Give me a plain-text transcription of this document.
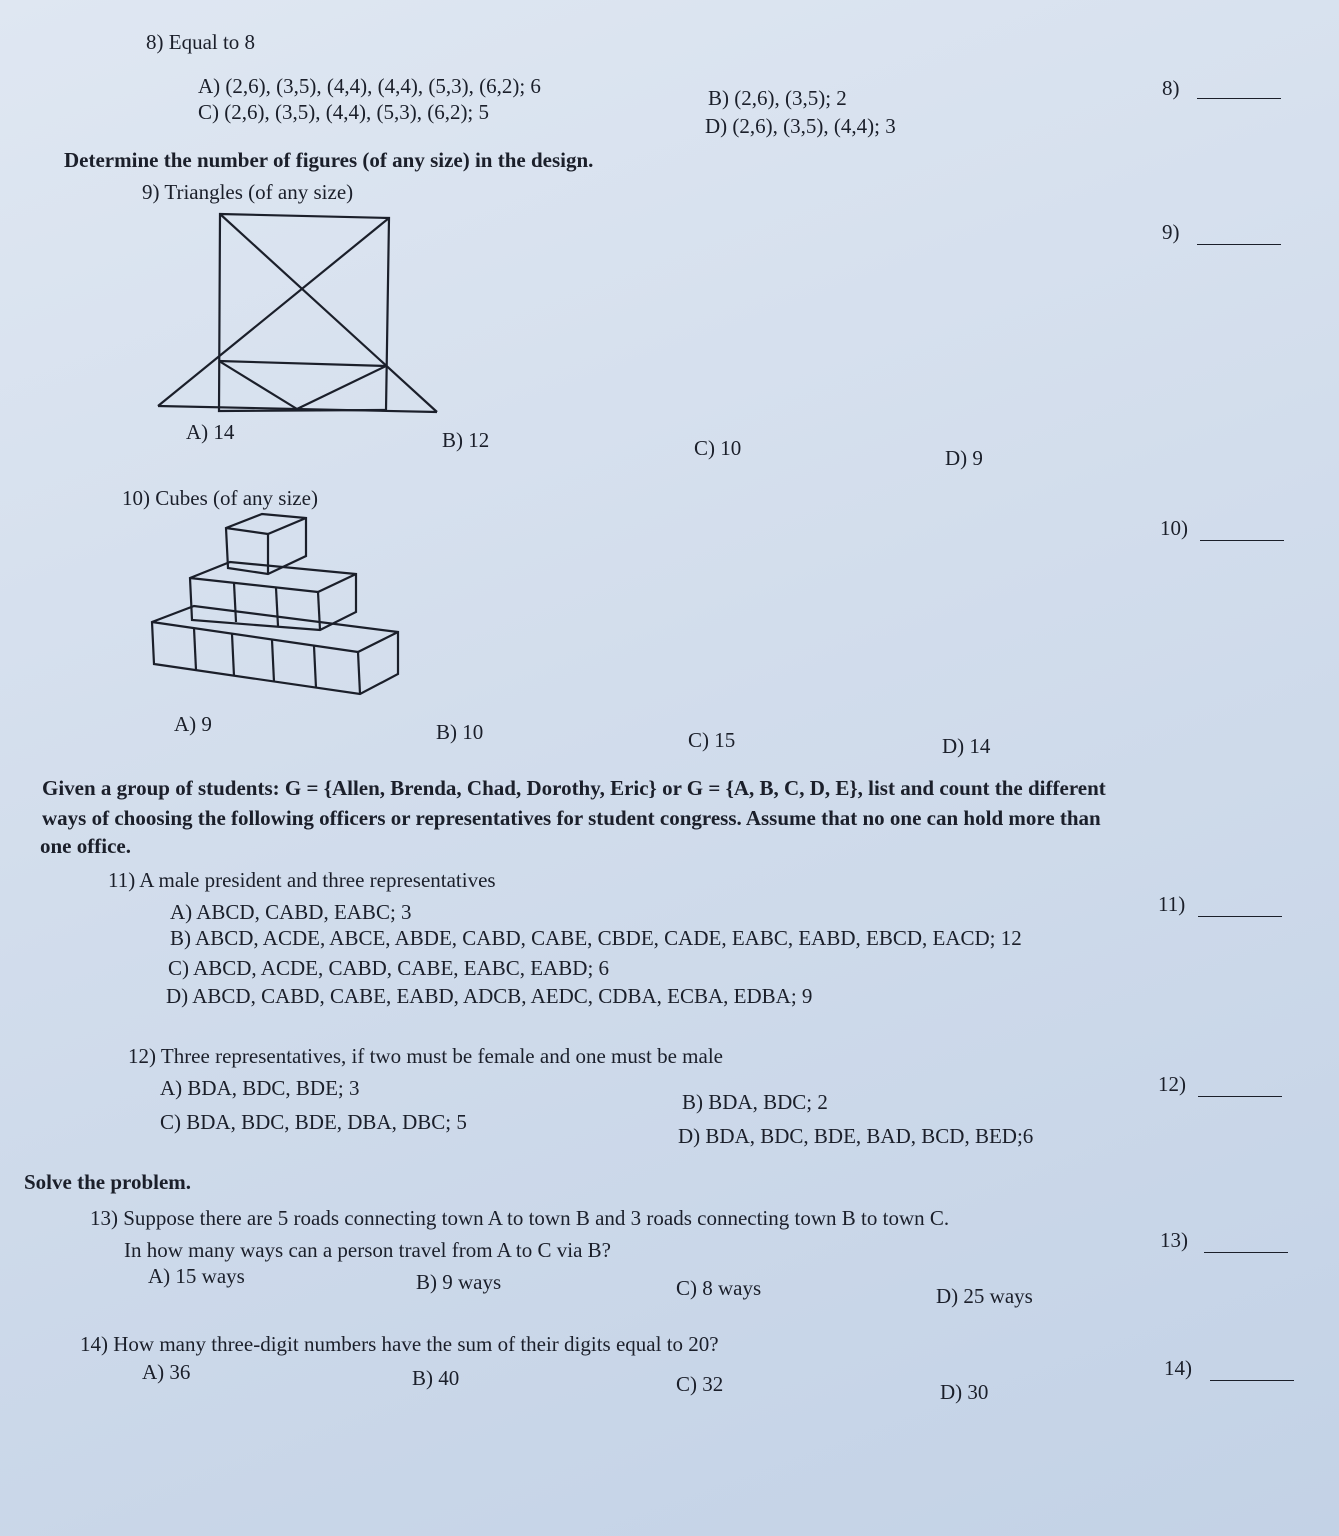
8) Equal to 8
A) (2,6), (3,5), (4,4), (4,4), (5,3), (6,2); 6	B) (2,6), (3,5); 2
C) (2,6), (3,5), (4,4), (5,3), (6,2); 5
D) (2,6), (3,5), (4,4); 3
8)
Determine the number of figures (of any size) in the design.
9) Triangles (of any size)
A) 14	B) 12	C) 10	D) 9
9)
10) Cubes (of any size)
A) 9	B) 10	C) 15	D) 14
10)
Given a group of students: G = {Allen, Brenda, Chad, Dorothy, Eric} or G = {A, B, C, D, E}, list and count the different
ways of choosing the following officers or representatives for student congress. Assume that no one can hold more than
one office.
11) A male president and three representatives
A) ABCD, CABD, EABC; 3
B) ABCD, ACDE, ABCE, ABDE, CABD, CABE, CBDE, CADE, EABC, EABD, EBCD, EACD; 12
C) ABCD, ACDE, CABD, CABE, EABC, EABD; 6
D) ABCD, CABD, CABE, EABD, ADCB, AEDC, CDBA, ECBA, EDBA; 9
11)
12) Three representatives, if two must be female and one must be male
A) BDA, BDC, BDE; 3
B) BDA, BDC; 2
C) BDA, BDC, BDE, DBA, DBC; 5
D) BDA, BDC, BDE, BAD, BCD, BED;6
12)
Solve the problem.
13) Suppose there are 5 roads connecting town A to town B and 3 roads connecting town B to town C.
In how many ways can a person travel from A to C via B?
A) 15 ways	B) 9 ways	C) 8 ways	D) 25 ways
13)
14) How many three-digit numbers have the sum of their digits equal to 20?
A) 36	B) 40	C) 32	D) 30
14)
